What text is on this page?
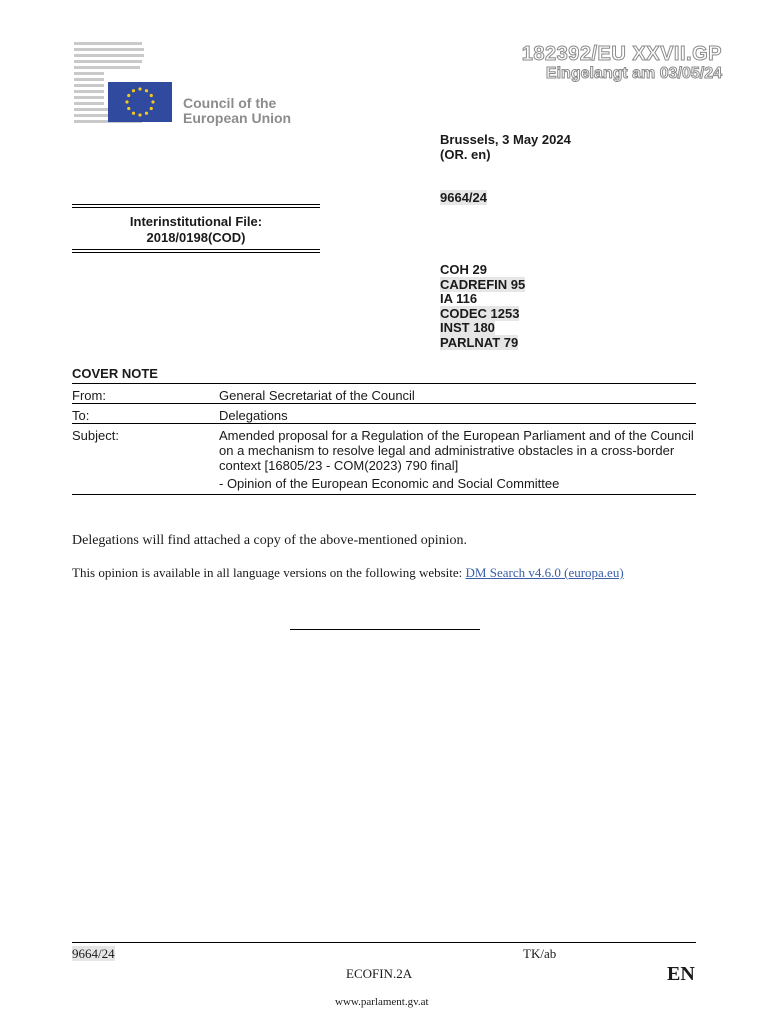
Council of the
European Union
182392/EU XXVII.GP
Eingelangt am 03/05/24
Brussels, 3 May 2024
(OR. en)
9664/24
Interinstitutional File:
2018/0198(COD)
COH 29
CADREFIN 95
IA 116
CODEC 1253
INST 180
PARLNAT 79
COVER NOTE
From:	General Secretariat of the Council
To:	Delegations
Subject:	Amended proposal for a Regulation of the European Parliament and of the Council on a mechanism to resolve legal and administrative obstacles in a cross-border context [16805/23 - COM(2023) 790 final]
- Opinion of the European Economic and Social Committee
Delegations will find attached a copy of the above-mentioned opinion.
This opinion is available in all language versions on the following website: DM Search v4.6.0 (europa.eu)
9664/24	TK/ab
ECOFIN.2A	EN
www.parlament.gv.at
